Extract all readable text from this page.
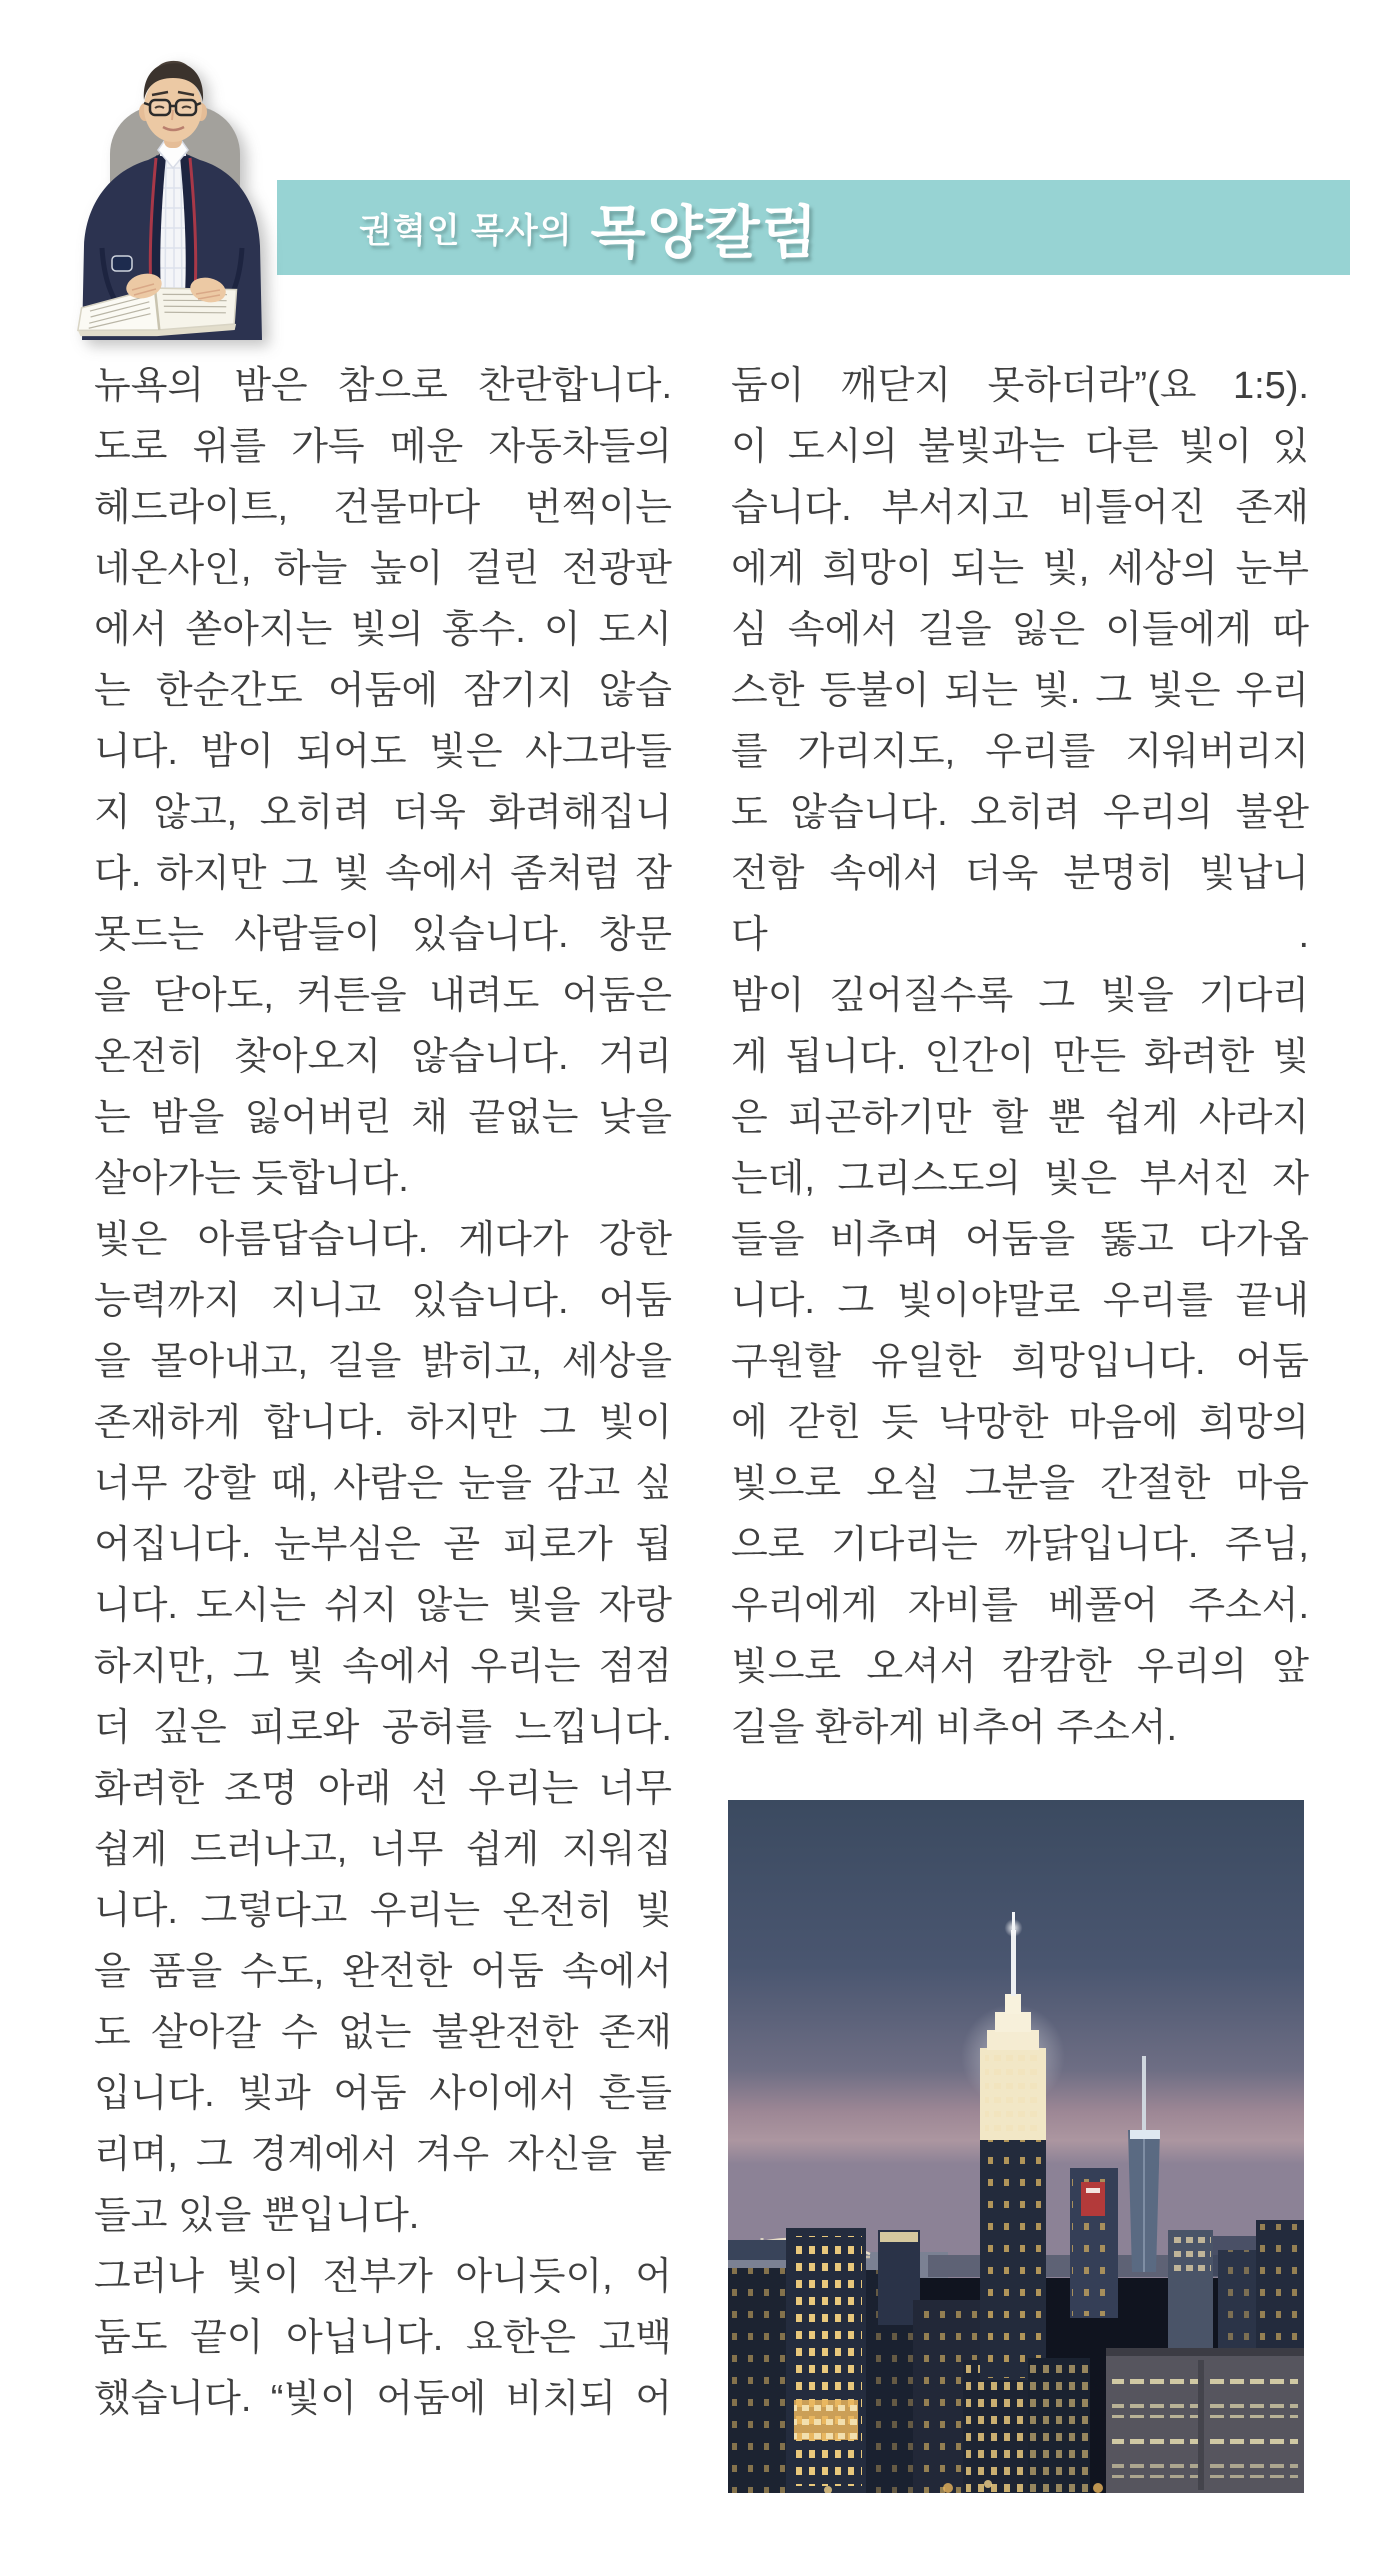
권혁인 목사의 목양칼럼
뉴욕의 밤은 참으로 찬란합니다.
도로 위를 가득 메운 자동차들의
헤드라이트, 건물마다 번쩍이는
네온사인, 하늘 높이 걸린 전광판
에서 쏟아지는 빛의 홍수. 이 도시
는 한순간도 어둠에 잠기지 않습
니다. 밤이 되어도 빛은 사그라들
지 않고, 오히려 더욱 화려해집니
다. 하지만 그 빛 속에서 좀처럼 잠
못드는 사람들이 있습니다. 창문
을 닫아도, 커튼을 내려도 어둠은
온전히 찾아오지 않습니다. 거리
는 밤을 잃어버린 채 끝없는 낮을
살아가는 듯합니다.
빛은 아름답습니다. 게다가 강한
능력까지 지니고 있습니다. 어둠
을 몰아내고, 길을 밝히고, 세상을
존재하게 합니다. 하지만 그 빛이
너무 강할 때, 사람은 눈을 감고 싶
어집니다. 눈부심은 곧 피로가 됩
니다. 도시는 쉬지 않는 빛을 자랑
하지만, 그 빛 속에서 우리는 점점
더 깊은 피로와 공허를 느낍니다.
화려한 조명 아래 선 우리는 너무
쉽게 드러나고, 너무 쉽게 지워집
니다. 그렇다고 우리는 온전히 빛
을 품을 수도, 완전한 어둠 속에서
도 살아갈 수 없는 불완전한 존재
입니다. 빛과 어둠 사이에서 흔들
리며, 그 경계에서 겨우 자신을 붙
들고 있을 뿐입니다.
그러나 빛이 전부가 아니듯이, 어
둠도 끝이 아닙니다. 요한은 고백
했습니다. “빛이 어둠에 비치되 어
둠이 깨닫지 못하더라”(요 1:5).
이 도시의 불빛과는 다른 빛이 있
습니다. 부서지고 비틀어진 존재
에게 희망이 되는 빛, 세상의 눈부
심 속에서 길을 잃은 이들에게 따
스한 등불이 되는 빛. 그 빛은 우리
를 가리지도, 우리를 지워버리지
도 않습니다. 오히려 우리의 불완
전함 속에서 더욱 분명히 빛납니
다 .
밤이 깊어질수록 그 빛을 기다리
게 됩니다. 인간이 만든 화려한 빛
은 피곤하기만 할 뿐 쉽게 사라지
는데, 그리스도의 빛은 부서진 자
들을 비추며 어둠을 뚫고 다가옵
니다. 그 빛이야말로 우리를 끝내
구원할 유일한 희망입니다. 어둠
에 갇힌 듯 낙망한 마음에 희망의
빛으로 오실 그분을 간절한 마음
으로 기다리는 까닭입니다. 주님,
우리에게 자비를 베풀어 주소서.
빛으로 오셔서 캄캄한 우리의 앞
길을 환하게 비추어 주소서.
